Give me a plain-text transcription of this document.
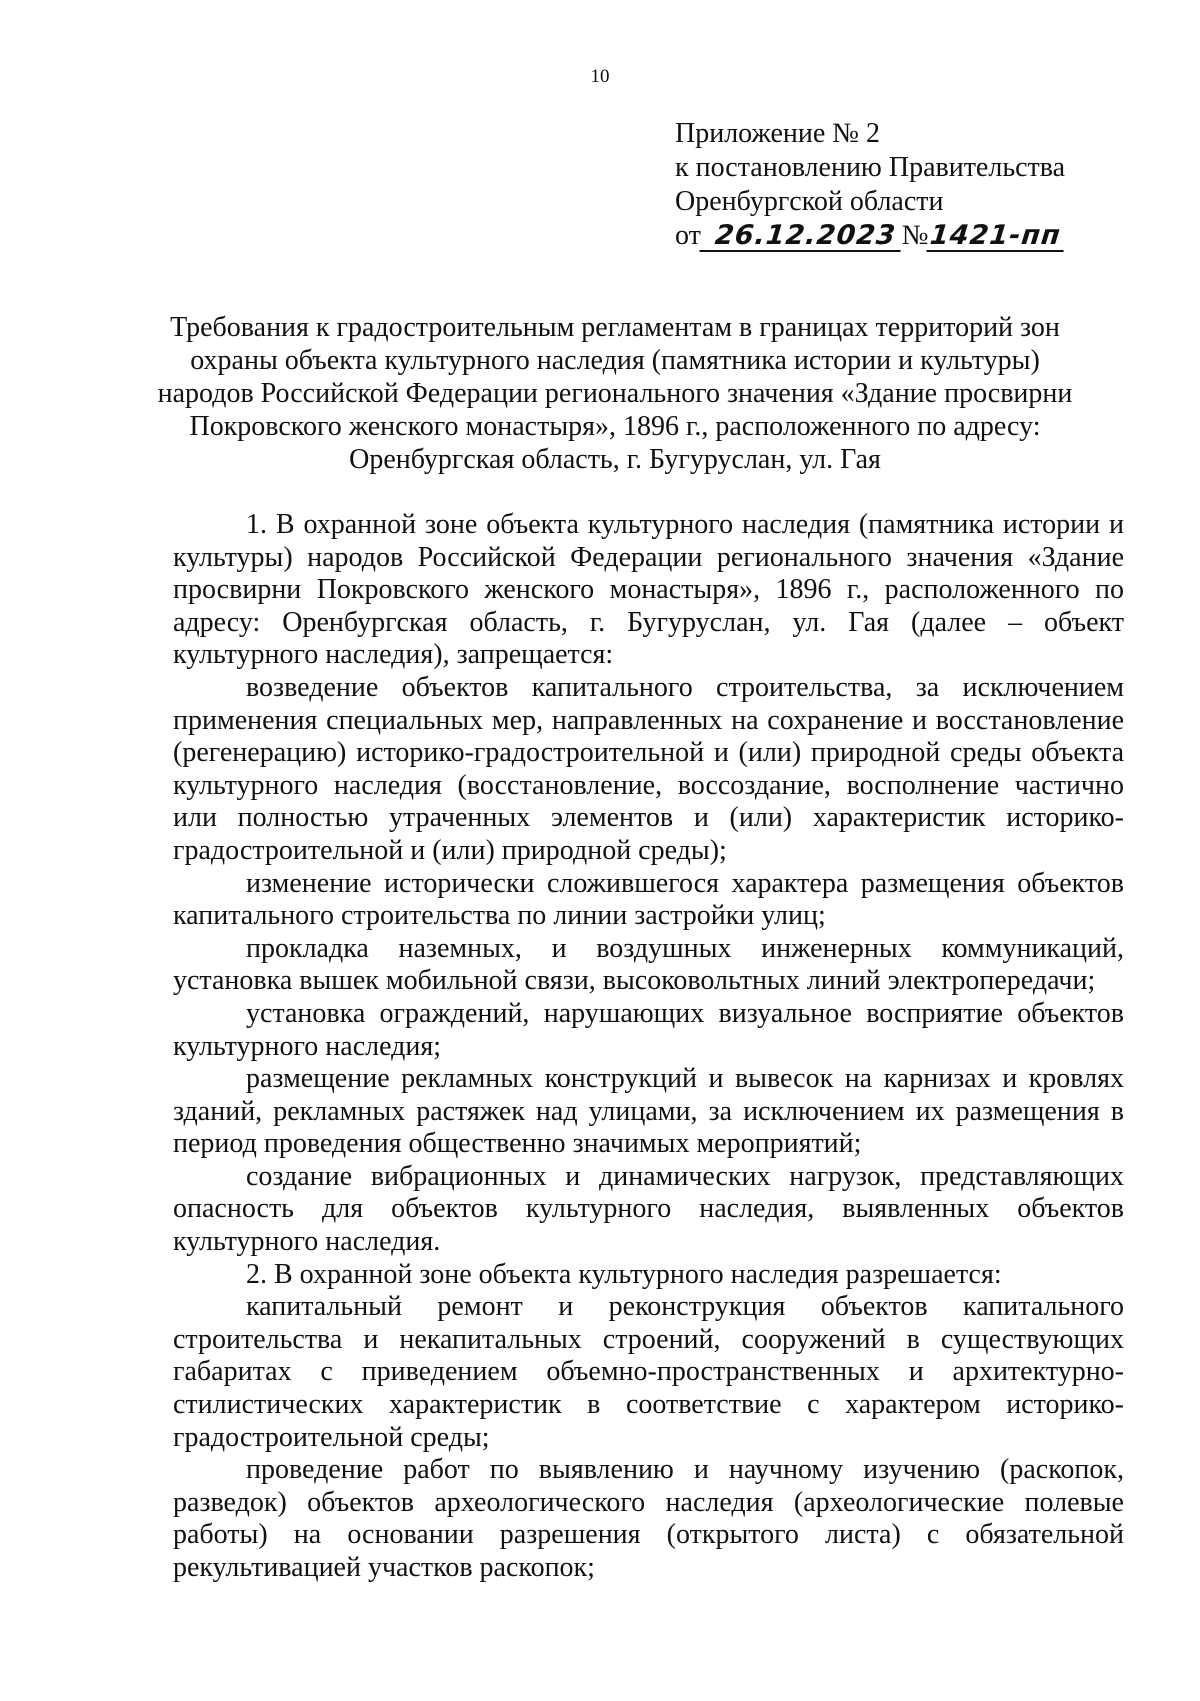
10
Приложение № 2
к постановлению Правительства
Оренбургской области
от 26.12.2023 №1421-пп
Требования к градостроительным регламентам в границах территорий зон
охраны объекта культурного наследия (памятника истории и культуры)
народов Российской Федерации регионального значения «Здание просвирни
Покровского женского монастыря», 1896 г., расположенного по адресу:
Оренбургская область, г. Бугуруслан, ул. Гая

1. В охранной зоне объекта культурного наследия (памятника истории и культуры) народов Российской Федерации регионального значения «Здание просвирни Покровского женского монастыря», 1896 г., расположенного по адресу: Оренбургская область, г. Бугуруслан, ул. Гая (далее – объект культурного наследия), запрещается:

возведение объектов капитального строительства, за исключением применения специальных мер, направленных на сохранение и восстановление (регенерацию) историко-градостроительной и (или) природной среды объекта культурного наследия (восстановление, воссоздание, восполнение частично или полностью утраченных элементов и (или) характеристик историко-градостроительной и (или) природной среды);

изменение исторически сложившегося характера размещения объектов капитального строительства по линии застройки улиц;

прокладка наземных, и воздушных инженерных коммуникаций, установка вышек мобильной связи, высоковольтных линий электропередачи;

установка ограждений, нарушающих визуальное восприятие объектов культурного наследия;

размещение рекламных конструкций и вывесок на карнизах и кровлях зданий, рекламных растяжек над улицами, за исключением их размещения в период проведения общественно значимых мероприятий;

создание вибрационных и динамических нагрузок, представляющих опасность для объектов культурного наследия, выявленных объектов культурного наследия.

2. В охранной зоне объекта культурного наследия разрешается:

капитальный ремонт и реконструкция объектов капитального строительства и некапитальных строений, сооружений в существующих габаритах с приведением объемно-пространственных и архитектурно-стилистических характеристик в соответствие с характером историко-градостроительной среды;

проведение работ по выявлению и научному изучению (раскопок, разведок) объектов археологического наследия (археологические полевые работы) на основании разрешения (открытого листа) с обязательной рекультивацией участков раскопок;
